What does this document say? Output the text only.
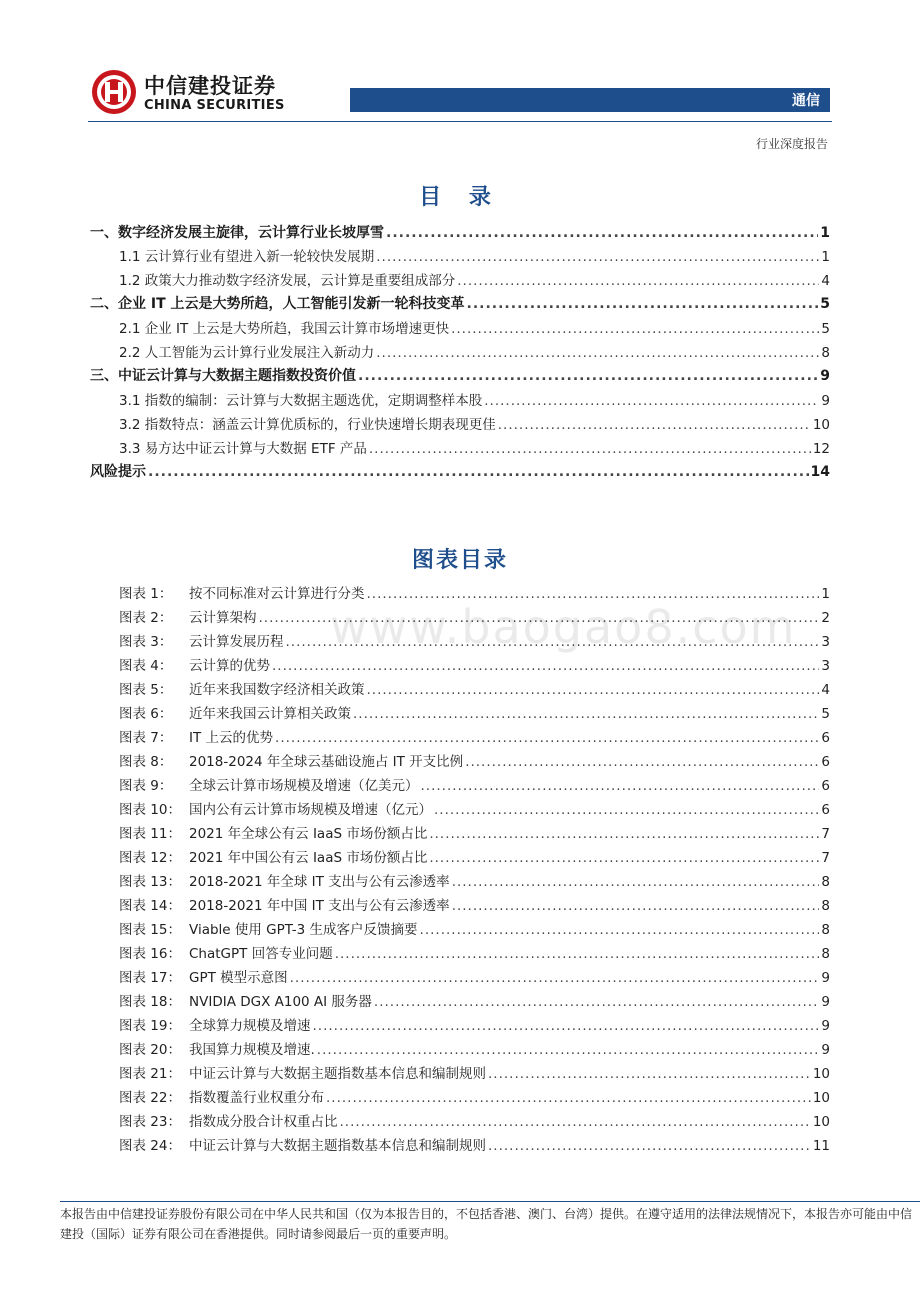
中信建投证券
CHINA SECURITIES	通信
行业深度报告
目 录
一、数字经济发展主旋律，云计算行业长坡厚雪 .....	1
1.1 云计算行业有望进入新一轮较快发展期 .....	1
1.2 政策大力推动数字经济发展，云计算是重要组成部分 .....	4
二、企业 IT 上云是大势所趋，人工智能引发新一轮科技变革 .....	5
2.1 企业 IT 上云是大势所趋，我国云计算市场增速更快 .....	5
2.2 人工智能为云计算行业发展注入新动力 .....	8
三、中证云计算与大数据主题指数投资价值 .....	9
3.1 指数的编制：云计算与大数据主题选优，定期调整样本股 .....	9
3.2 指数特点：涵盖云计算优质标的，行业快速增长期表现更佳 .....	10
3.3 易方达中证云计算与大数据 ETF 产品 .....	12
风险提示 .....	14
图表目录
www.baogao8.com
图表 1：	按不同标准对云计算进行分类 .....	1
图表 2：	云计算架构 .....	2
图表 3：	云计算发展历程 .....	3
图表 4：	云计算的优势 .....	3
图表 5：	近年来我国数字经济相关政策 .....	4
图表 6：	近年来我国云计算相关政策 .....	5
图表 7：	IT 上云的优势 .....	6
图表 8：	2018-2024 年全球云基础设施占 IT 开支比例 .....	6
图表 9：	全球云计算市场规模及增速（亿美元） .....	6
图表 10： 国内公有云计算市场规模及增速（亿元） .....	6
图表 11： 2021 年全球公有云 IaaS 市场份额占比 .....	7
图表 12： 2021 年中国公有云 IaaS 市场份额占比 .....	7
图表 13： 2018-2021 年全球 IT 支出与公有云渗透率 .....	8
图表 14： 2018-2021 年中国 IT 支出与公有云渗透率 .....	8
图表 15： Viable 使用 GPT-3 生成客户反馈摘要 .....	8
图表 16： ChatGPT 回答专业问题 .....	8
图表 17： GPT 模型示意图 .....	9
图表 18： NVIDIA DGX A100 AI 服务器 .....	9
图表 19： 全球算力规模及增速 .....	9
图表 20： 我国算力规模及增速. .....	9
图表 21： 中证云计算与大数据主题指数基本信息和编制规则 .....	10
图表 22： 指数覆盖行业权重分布 .....	10
图表 23： 指数成分股合计权重占比 .....	10
图表 24： 中证云计算与大数据主题指数基本信息和编制规则 .....	11
本报告由中信建投证券股份有限公司在中华人民共和国（仅为本报告目的，不包括香港、澳门、台湾）提供。在遵守适用的法律法规情况下，本报告亦可能由中信建投（国际）证券有限公司在香港提供。同时请参阅最后一页的重要声明。
